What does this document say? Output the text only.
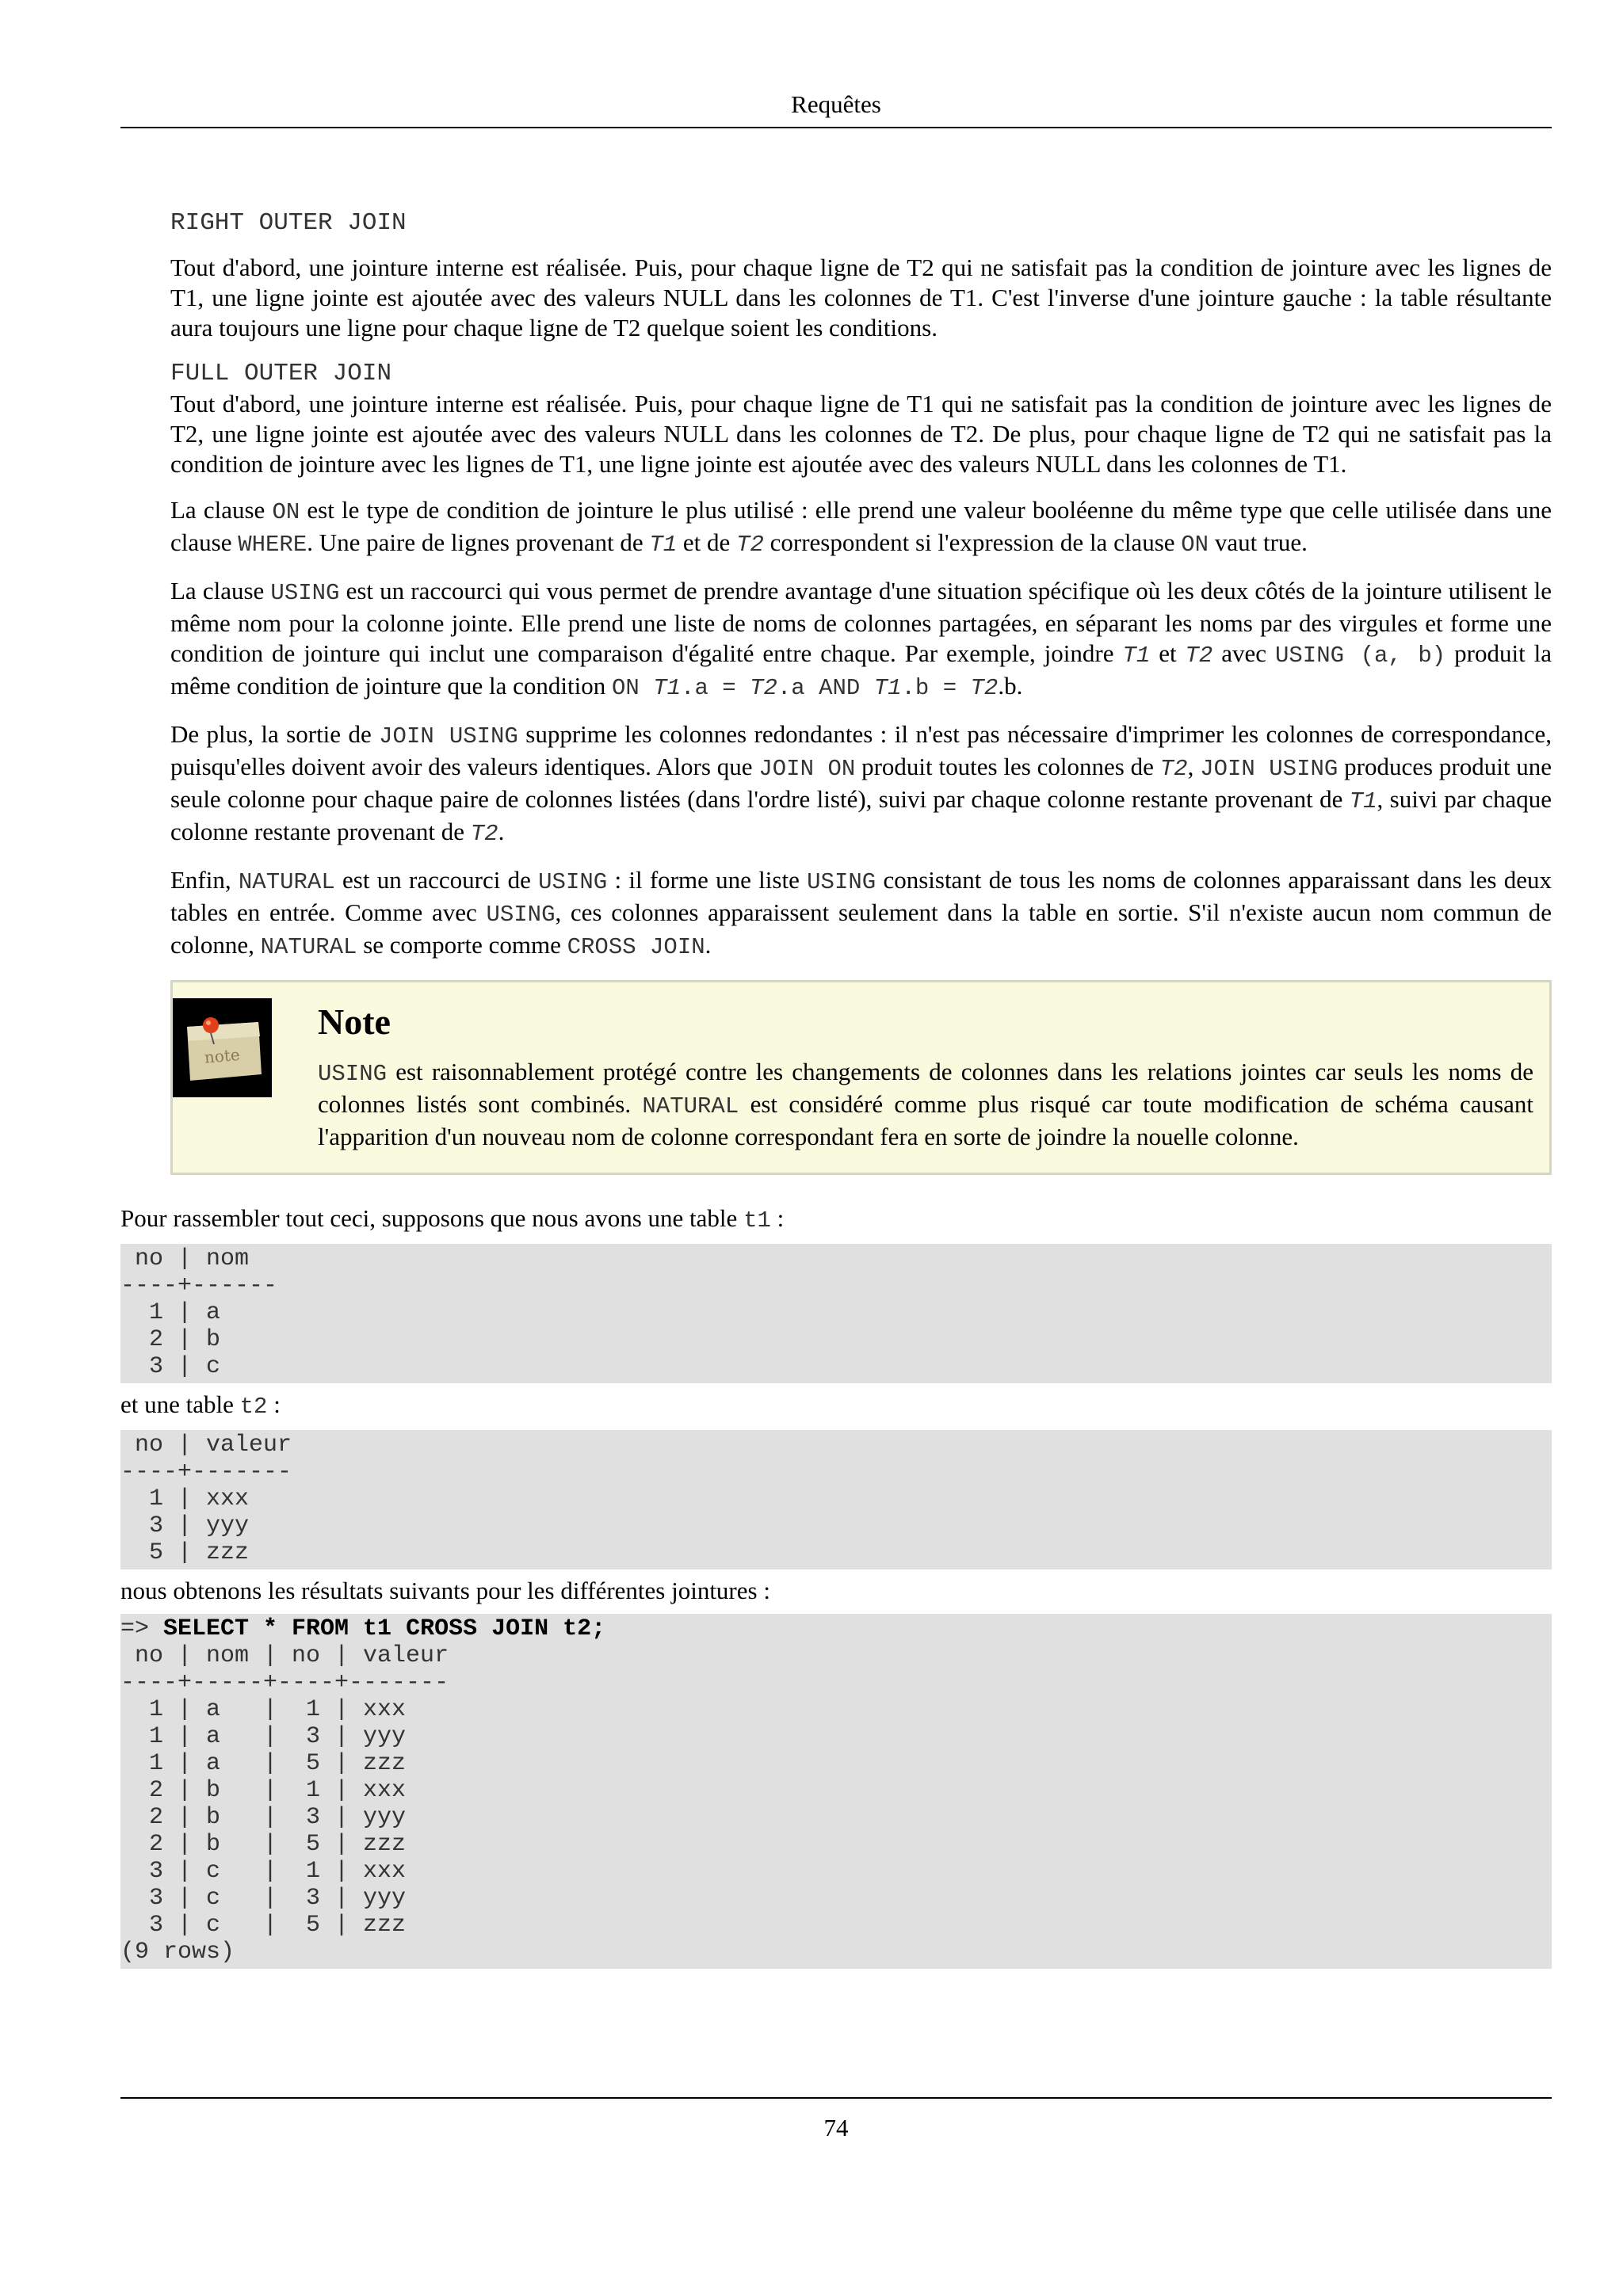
Requêtes
RIGHT OUTER JOIN

Tout d'abord, une jointure interne est réalisée. Puis, pour chaque ligne de T2 qui ne satisfait pas la condition de jointure avec les lignes de T1, une ligne jointe est ajoutée avec des valeurs NULL dans les colonnes de T1. C'est l'inverse d'une jointure gauche : la table résultante aura toujours une ligne pour chaque ligne de T2 quelque soient les conditions.

FULL OUTER JOIN

Tout d'abord, une jointure interne est réalisée. Puis, pour chaque ligne de T1 qui ne satisfait pas la condition de jointure avec les lignes de T2, une ligne jointe est ajoutée avec des valeurs NULL dans les colonnes de T2. De plus, pour chaque ligne de T2 qui ne satisfait pas la condition de jointure avec les lignes de T1, une ligne jointe est ajoutée avec des valeurs NULL dans les colonnes de T1.

La clause ON est le type de condition de jointure le plus utilisé : elle prend une valeur booléenne du même type que celle utilisée dans une clause WHERE. Une paire de lignes provenant de T1 et de T2 correspondent si l'expression de la clause ON vaut true.

La clause USING est un raccourci qui vous permet de prendre avantage d'une situation spécifique où les deux côtés de la jointure utilisent le même nom pour la colonne jointe. Elle prend une liste de noms de colonnes partagées, en séparant les noms par des virgules et forme une condition de jointure qui inclut une comparaison d'égalité entre chaque. Par exemple, joindre T1 et T2 avec USING (a, b) produit la même condition de jointure que la condition ON T1.a = T2.a AND T1.b = T2.b.

De plus, la sortie de JOIN USING supprime les colonnes redondantes : il n'est pas nécessaire d'imprimer les colonnes de correspondance, puisqu'elles doivent avoir des valeurs identiques. Alors que JOIN ON produit toutes les colonnes de T2, JOIN USING produces produit une seule colonne pour chaque paire de colonnes listées (dans l'ordre listé), suivi par chaque colonne restante provenant de T1, suivi par chaque colonne restante provenant de T2.

Enfin, NATURAL est un raccourci de USING : il forme une liste USING consistant de tous les noms de colonnes apparaissant dans les deux tables en entrée. Comme avec USING, ces colonnes apparaissent seulement dans la table en sortie. S'il n'existe aucun nom commun de colonne, NATURAL se comporte comme CROSS JOIN.

note
Note

USING est raisonnablement protégé contre les changements de colonnes dans les relations jointes car seuls les noms de colonnes listés sont combinés. NATURAL est considéré comme plus risqué car toute modification de schéma causant l'apparition d'un nouveau nom de colonne correspondant fera en sorte de joindre la nouelle colonne.

Pour rassembler tout ceci, supposons que nous avons une table t1 :

no | nom
----+------
1 | a
2 | b
3 | c

et une table t2 :

no | valeur
----+-------
1 | xxx
3 | yyy
5 | zzz

nous obtenons les résultats suivants pour les différentes jointures :

=> SELECT * FROM t1 CROSS JOIN t2;
no | nom | no | valeur
----+-----+----+-------
1 | a   |  1 | xxx
1 | a   |  3 | yyy
1 | a   |  5 | zzz
2 | b   |  1 | xxx
2 | b   |  3 | yyy
2 | b   |  5 | zzz
3 | c   |  1 | xxx
3 | c   |  3 | yyy
3 | c   |  5 | zzz
(9 rows)
74
